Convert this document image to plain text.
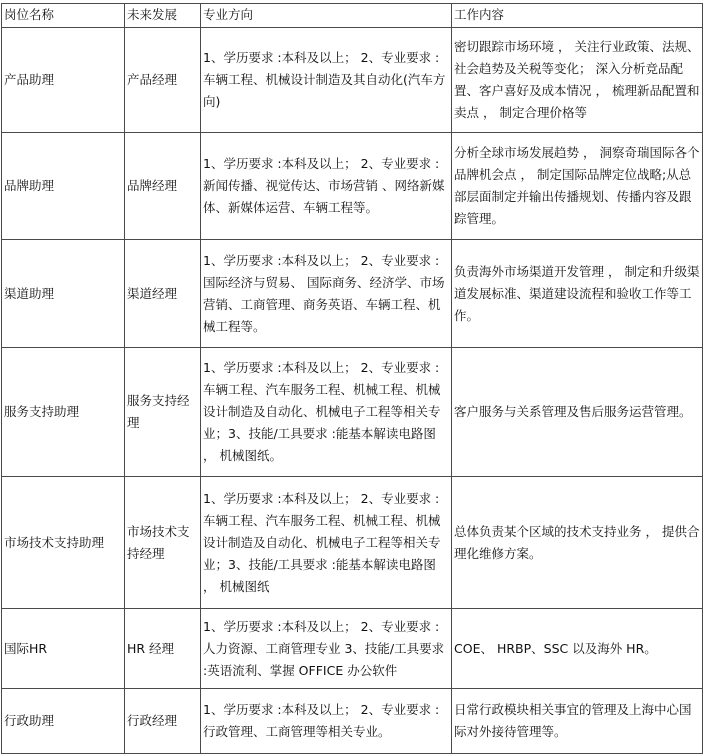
岗位名称	未来发展	专业方向	工作内容
产品助理	产品经理	1、学历要求 :本科及以上； 2、专业要求 :车辆工程、机械设计制造及其自动化(汽车方向)	密切跟踪市场环境 ， 关注行业政策、法规、社会趋势及关税等变化； 深入分析竞品配置、客户喜好及成本情况 ， 梳理新品配置和卖点 ， 制定合理价格等
品牌助理	品牌经理	1、学历要求 :本科及以上； 2、专业要求 :新闻传播、视觉传达、市场营销 、网络新媒体、新媒体运营、车辆工程等。	分析全球市场发展趋势 ， 洞察奇瑞国际各个品牌机会点 ， 制定国际品牌定位战略;从总部层面制定并输出传播规划、传播内容及跟踪管理。
渠道助理	渠道经理	1、学历要求 :本科及以上； 2、专业要求 :国际经济与贸易、 国际商务、经济学、市场营销、工商管理、商务英语、车辆工程、机械工程等。	负责海外市场渠道开发管理 ， 制定和升级渠道发展标准、渠道建设流程和验收工作等工作。
服务支持助理	服务支持经理	1、学历要求 :本科及以上； 2、专业要求 :车辆工程、汽车服务工程、机械工程、机械设计制造及自动化、机械电子工程等相关专业；3、技能/工具要求 :能基本解读电路图 ， 机械图纸。	客户服务与关系管理及售后服务运营管理。
市场技术支持助理	市场技术支持经理	1、学历要求 :本科及以上； 2、专业要求 :车辆工程、汽车服务工程、机械工程、机械设计制造及自动化、机械电子工程等相关专业；3、技能/工具要求 :能基本解读电路图 ， 机械图纸	总体负责某个区域的技术支持业务 ， 提供合理化维修方案。
国际HR	HR 经理	1、学历要求 :本科及以上； 2、专业要求 :人力资源、工商管理专业 3、技能/工具要求 :英语流利、掌握 OFFICE 办公软件	COE、 HRBP、SSC 以及海外 HR。
行政助理	行政经理	1、学历要求 :本科及以上； 2、专业要求 :行政管理、工商管理等相关专业。	日常行政模块相关事宜的管理及上海中心国际对外接待管理等。
